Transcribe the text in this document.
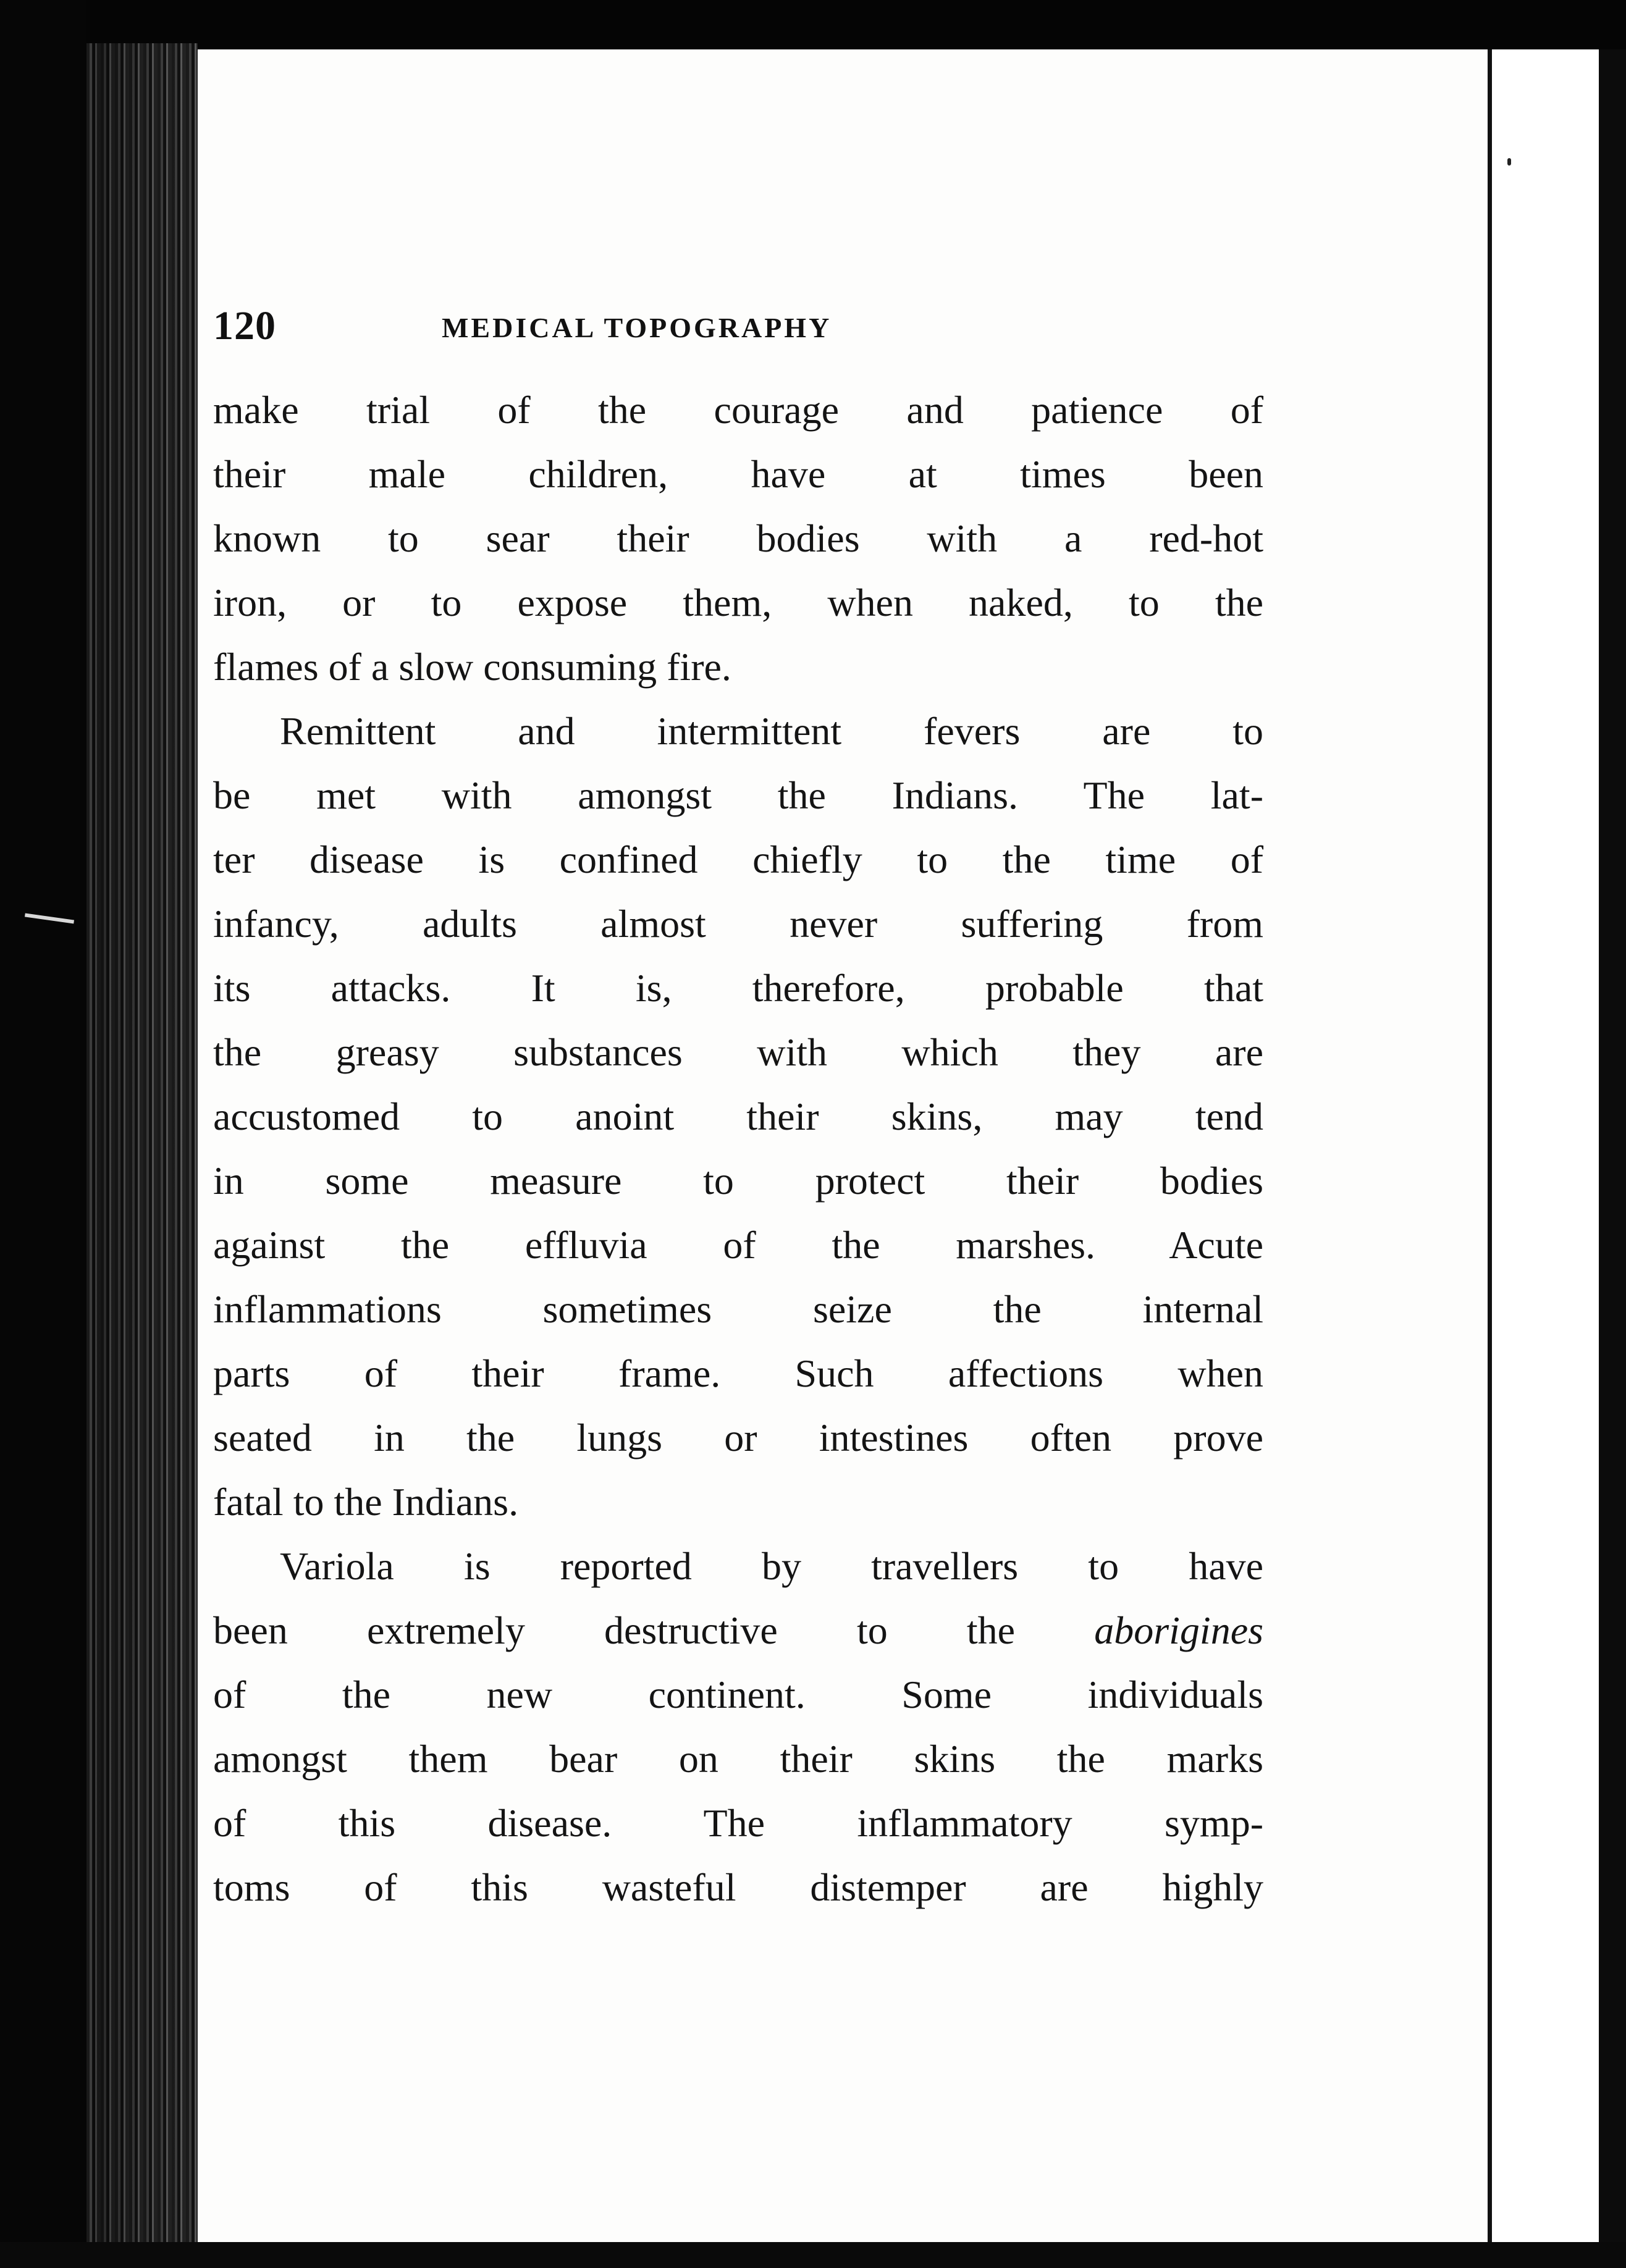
120	MEDICAL TOPOGRAPHY
make trial of the courage and patience of
their male children, have at times been
known to sear their bodies with a red-hot
iron, or to expose them, when naked, to the
flames of a slow consuming fire.
Remittent and intermittent fevers are to
be met with amongst the Indians. The lat-
ter disease is confined chiefly to the time of
infancy, adults almost never suffering from
its attacks. It is, therefore, probable that
the greasy substances with which they are
accustomed to anoint their skins, may tend
in some measure to protect their bodies
against the effluvia of the marshes. Acute
inflammations sometimes seize the internal
parts of their frame. Such affections when
seated in the lungs or intestines often prove
fatal to the Indians.
Variola is reported by travellers to have
been extremely destructive to the aborigines
of the new continent. Some individuals
amongst them bear on their skins the marks
of this disease. The inflammatory symp-
toms of this wasteful distemper are highly
